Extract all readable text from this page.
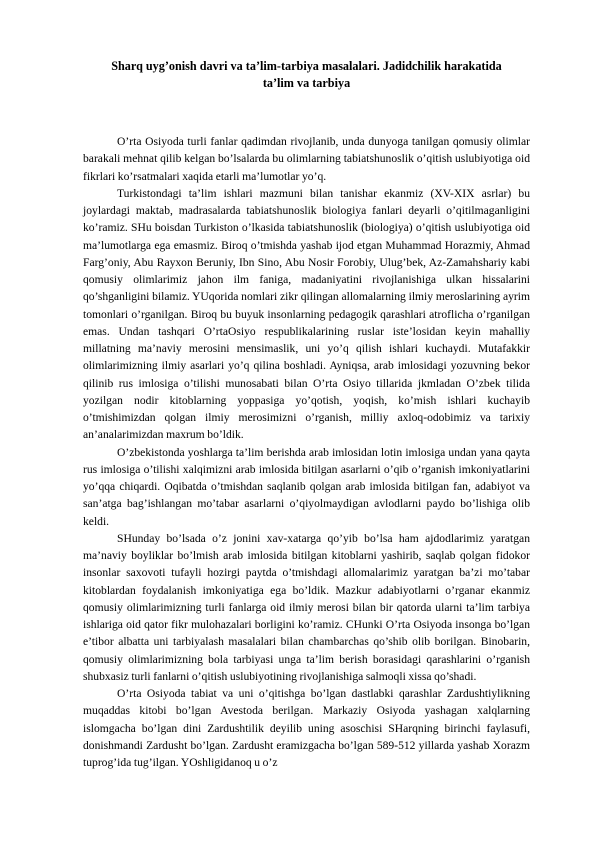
Sharq uyg’onish davri va ta’lim-tarbiya masalalari. Jadidchilik harakatida
ta’lim va tarbiya

O’rta Osiyoda turli fanlar qadimdan rivojlanib, unda dunyoga tanilgan qomusiy olimlar barakali mehnat qilib kelgan bo’lsalarda bu olimlarning tabiatshunoslik o’qitish uslubiyotiga oid fikrlari ko’rsatmalari xaqida etarli ma’lumotlar yo’q.

Turkistondagi ta’lim ishlari mazmuni bilan tanishar ekanmiz (XV-XIX asrlar) bu joylardagi maktab, madrasalarda tabiatshunoslik biologiya fanlari deyarli o’qitilmaganligini ko’ramiz. SHu boisdan Turkiston o’lkasida tabiatshunoslik (biologiya) o’qitish uslubiyotiga oid ma’lumotlarga ega emasmiz. Biroq o’tmishda yashab ijod etgan Muhammad Horazmiy, Ahmad Farg’oniy, Abu Rayxon Beruniy, Ibn Sino, Abu Nosir Forobiy, Ulug’bek, Az-Zamahshariy kabi qomusiy olimlarimiz jahon ilm faniga, madaniyatini rivojlanishiga ulkan hissalarini qo’shganligini bilamiz. YUqorida nomlari zikr qilingan allomalarning ilmiy meroslarining ayrim tomonlari o’rganilgan. Biroq bu buyuk insonlarning pedagogik qarashlari atroflicha o’rganilgan emas. Undan tashqari O’rtaOsiyo respublikalarining ruslar iste’losidan keyin mahalliy millatning ma’naviy merosini mensimaslik, uni yo’q qilish ishlari kuchaydi. Mutafakkir olimlarimizning ilmiy asarlari yo’q qilina boshladi. Ayniqsa, arab imlosidagi yozuvning bekor qilinib rus imlosiga o’tilishi munosabati bilan O’rta Osiyo tillarida jkmladan O’zbek tilida yozilgan nodir kitoblarning yoppasiga yo’qotish, yoqish, ko’mish ishlari kuchayib o’tmishimizdan qolgan ilmiy merosimizni o’rganish, milliy axloq-odobimiz va tarixiy an’analarimizdan maxrum bo’ldik.

O’zbekistonda yoshlarga ta’lim berishda arab imlosidan lotin imlosiga undan yana qayta rus imlosiga o’tilishi xalqimizni arab imlosida bitilgan asarlarni o’qib o’rganish imkoniyatlarini yo’qqa chiqardi. Oqibatda o’tmishdan saqlanib qolgan arab imlosida bitilgan fan, adabiyot va san’atga bag’ishlangan mo’tabar asarlarni o’qiyolmaydigan avlodlarni paydo bo’lishiga olib keldi.

SHunday bo’lsada o’z jonini xav-xatarga qo’yib bo’lsa ham ajdodlarimiz yaratgan ma’naviy boyliklar bo’lmish arab imlosida bitilgan kitoblarni yashirib, saqlab qolgan fidokor insonlar saxovoti tufayli hozirgi paytda o’tmishdagi allomalarimiz yaratgan ba’zi mo’tabar kitoblardan foydalanish imkoniyatiga ega bo’ldik. Mazkur adabiyotlarni o’rganar ekanmiz qomusiy olimlarimizning turli fanlarga oid ilmiy merosi bilan bir qatorda ularni ta’lim tarbiya ishlariga oid qator fikr mulohazalari borligini ko’ramiz. CHunki O’rta Osiyoda insonga bo’lgan e’tibor albatta uni tarbiyalash masalalari bilan chambarchas qo’shib olib borilgan. Binobarin, qomusiy olimlarimizning bola tarbiyasi unga ta’lim berish borasidagi qarashlarini o’rganish shubxasiz turli fanlarni o’qitish uslubiyotining rivojlanishiga salmoqli xissa qo’shadi.

O’rta Osiyoda tabiat va uni o’qitishga bo’lgan dastlabki qarashlar Zardushtiylikning muqaddas kitobi bo’lgan Avestoda berilgan. Markaziy Osiyoda yashagan xalqlarning islomgacha bo’lgan dini Zardushtilik deyilib uning asoschisi SHarqning birinchi faylasufi, donishmandi Zardusht bo’lgan. Zardusht eramizgacha bo’lgan 589-512 yillarda yashab Xorazm tuprog’ida tug’ilgan. YOshligidanoq u o’z
